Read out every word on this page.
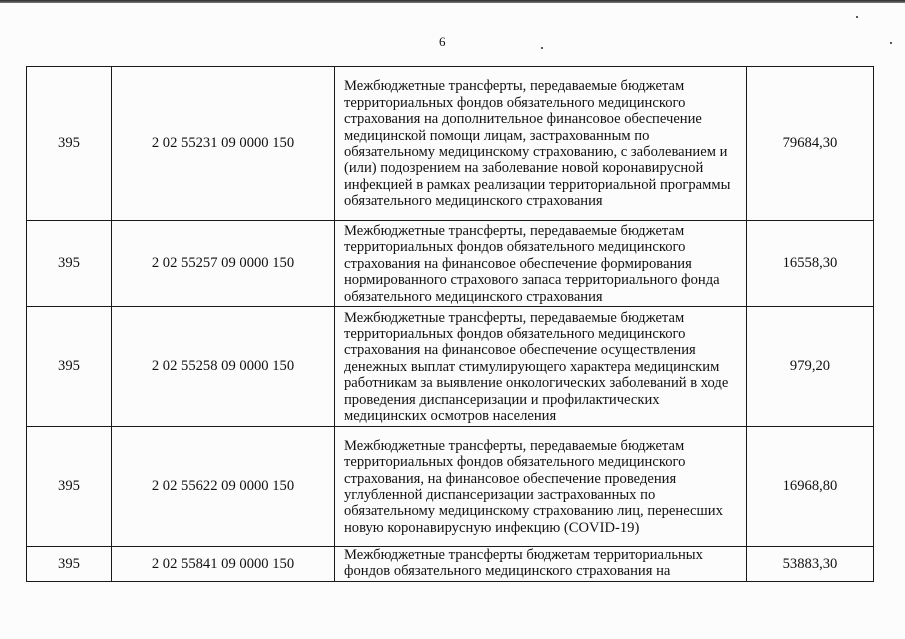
6
395	2 02 55231 09 0000 150	Межбюджетные трансферты, передаваемые бюджетам территориальных фондов обязательного медицинского страхования на дополнительное финансовое обеспечение медицинской помощи лицам, застрахованным по обязательному медицинскому страхованию, с заболеванием и (или) подозрением на заболевание новой коронавирусной инфекцией в рамках реализации территориальной программы обязательного медицинского страхования	79684,30
395	2 02 55257 09 0000 150	Межбюджетные трансферты, передаваемые бюджетам территориальных фондов обязательного медицинского страхования на финансовое обеспечение формирования нормированного страхового запаса территориального фонда обязательного медицинского страхования	16558,30
395	2 02 55258 09 0000 150	Межбюджетные трансферты, передаваемые бюджетам территориальных фондов обязательного медицинского страхования на финансовое обеспечение осуществления денежных выплат стимулирующего характера медицинским работникам за выявление онкологических заболеваний в ходе проведения диспансеризации и профилактических медицинских осмотров населения	979,20
395	2 02 55622 09 0000 150	Межбюджетные трансферты, передаваемые бюджетам территориальных фондов обязательного медицинского страхования, на финансовое обеспечение проведения углубленной диспансеризации застрахованных по обязательному медицинскому страхованию лиц, перенесших новую коронавирусную инфекцию (COVID-19)	16968,80
395	2 02 55841 09 0000 150	Межбюджетные трансферты бюджетам территориальных фондов обязательного медицинского страхования на	53883,30
